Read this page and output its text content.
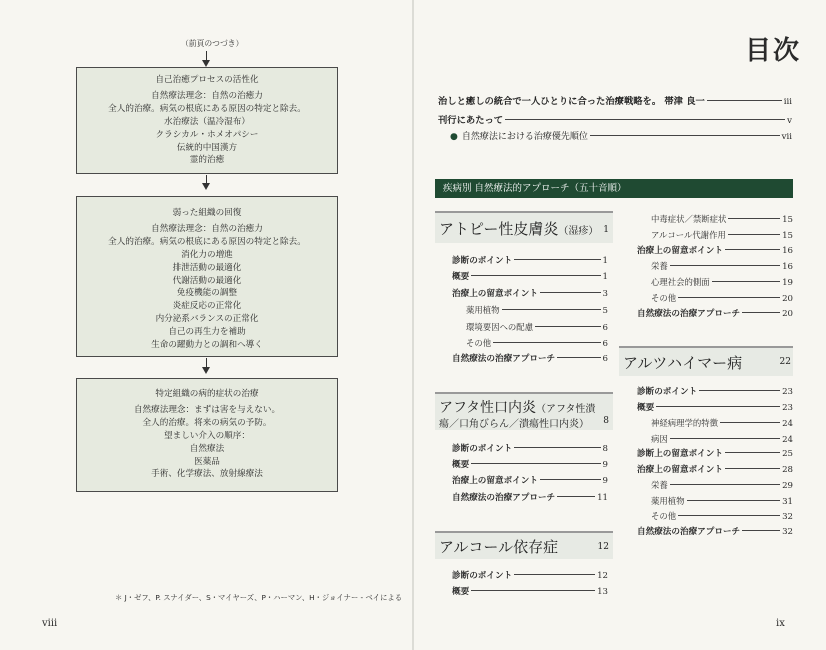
（前頁のつづき）
自己治癒プロセスの活性化
自然療法理念：自然の治癒力
全人的治療。病気の根底にある原因の特定と除去。
水治療法（温冷湿布）
クラシカル・ホメオパシー
伝統的中国漢方
霊的治癒
弱った組織の回復
自然療法理念：自然の治癒力
全人的治療。病気の根底にある原因の特定と除去。
消化力の増進
排泄活動の最適化
代謝活動の最適化
免疫機能の調整
炎症反応の正常化
内分泌系バランスの正常化
自己の再生力を補助
生命の躍動力との調和へ導く
特定組織の病的症状の治療
自然療法理念：まずは害を与えない。
全人的治療。将来の病気の予防。
望ましい介入の順序：
自然療法
医薬品
手術、化学療法、放射線療法
＊ J・ゼフ、P. スナイダー、S・マイヤーズ、P・ハーマン、H・ジョイナー - ベイによる
viii
目次
治しと癒しの統合で一人ひとりに合った治療戦略を。 帯津 良一	iii
刊行にあたって	v
● 自然療法における治療優先順位	vii
疾病別 自然療法的アプローチ（五十音順）
アトピー性皮膚炎（湿疹） 1
診断のポイント	1
概要	1
治療上の留意ポイント	3
薬用植物	5
環境要因への配慮	6
その他	6
自然療法の治療アプローチ	6
アフタ性口内炎（アフタ性潰
瘍／口角びらん／潰瘍性口内炎） 8
診断のポイント	8
概要	9
治療上の留意ポイント	9
自然療法の治療アプローチ	11
アルコール依存症	12
診断のポイント	12
概要	13
中毒症状／禁断症状	15
アルコール代謝作用	15
治療上の留意ポイント	16
栄養	16
心理社会的側面	19
その他	20
自然療法の治療アプローチ	20
アルツハイマー病	22
診断のポイント	23
概要	23
神経病理学的特徴	24
病因	24
診断上の留意ポイント	25
治療上の留意ポイント	28
栄養	29
薬用植物	31
その他	32
自然療法の治療アプローチ	32
ix
